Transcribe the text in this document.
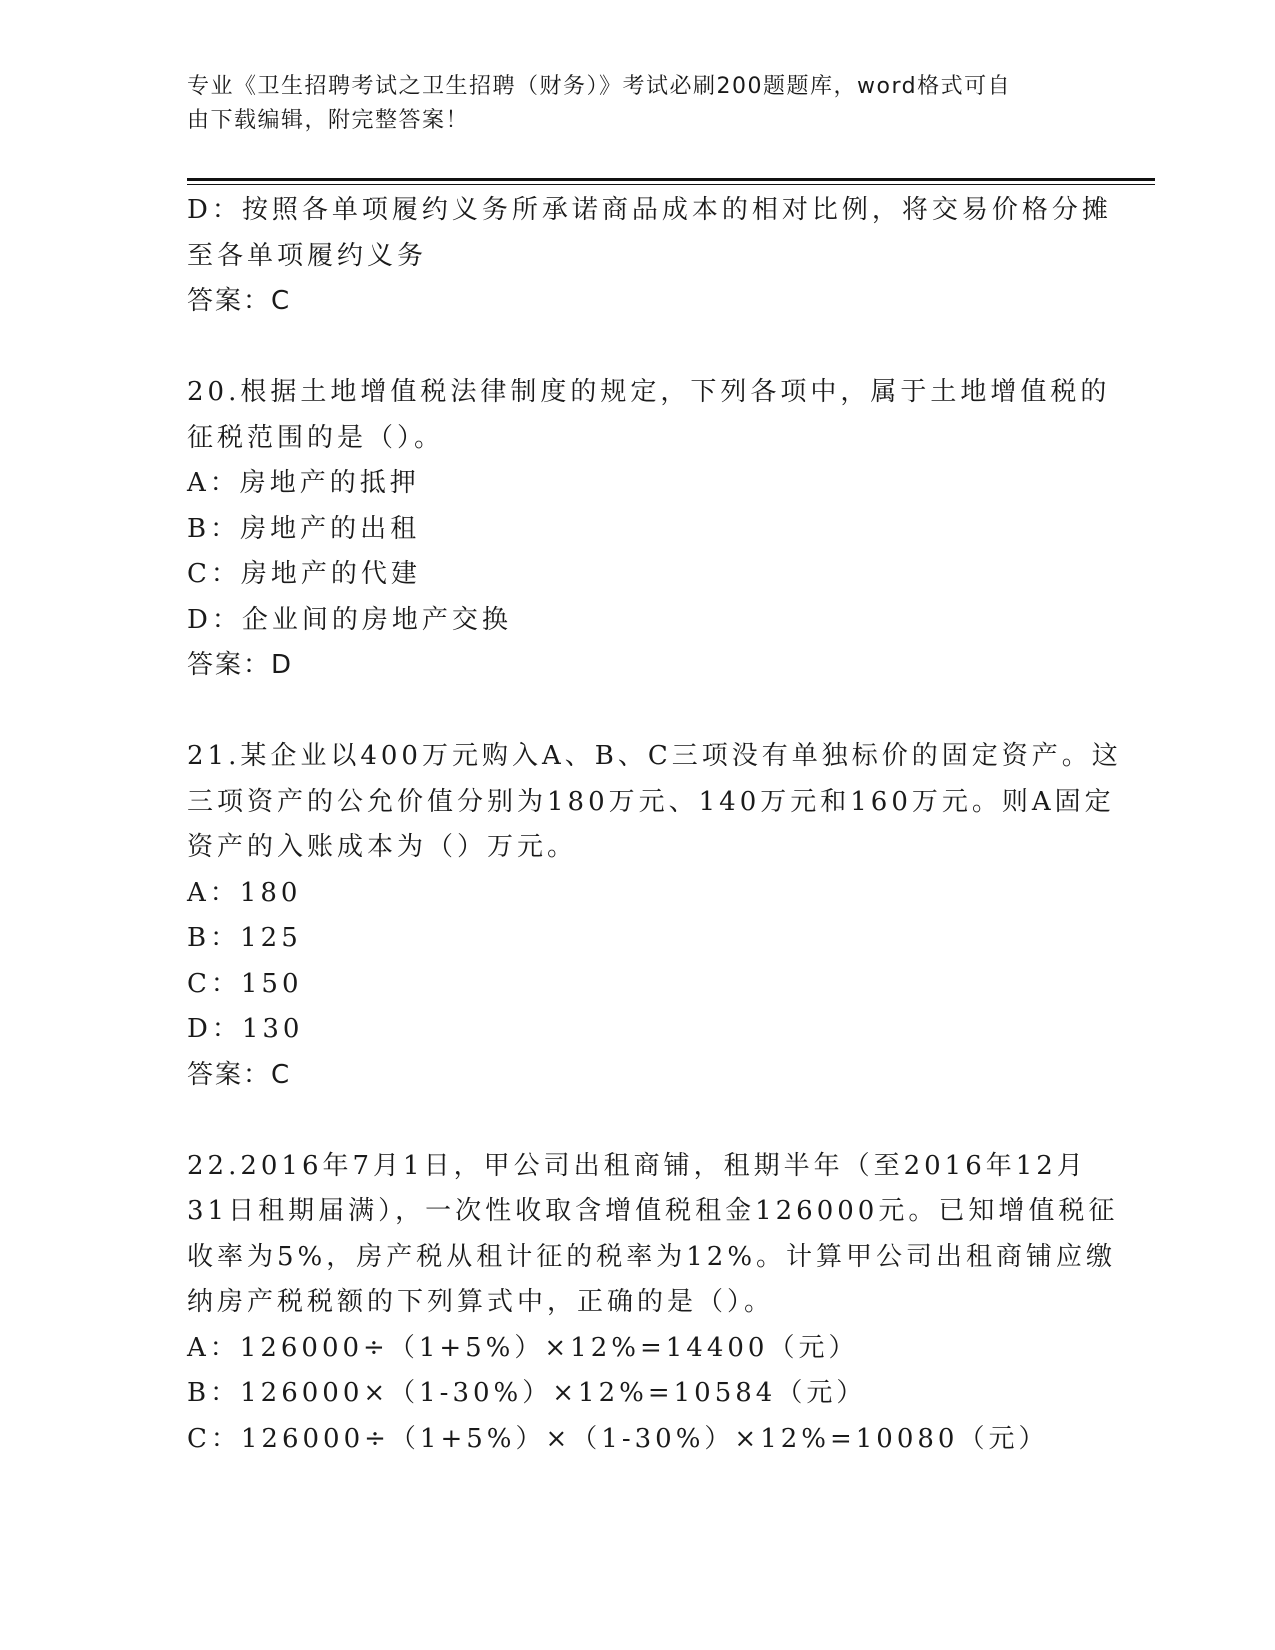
专业《卫生招聘考试之卫生招聘（财务）》考试必刷200题题库，word格式可自
由下载编辑，附完整答案！
D：按照各单项履约义务所承诺商品成本的相对比例，将交易价格分摊
至各单项履约义务
答案：C
20.根据土地增值税法律制度的规定，下列各项中，属于土地增值税的
征税范围的是（）。
A：房地产的抵押
B：房地产的出租
C：房地产的代建
D：企业间的房地产交换
答案：D
21.某企业以400万元购入A、B、C三项没有单独标价的固定资产。这
三项资产的公允价值分别为180万元、140万元和160万元。则A固定
资产的入账成本为（）万元。
A：180
B：125
C：150
D：130
答案：C
22.2016年7月1日，甲公司出租商铺，租期半年（至2016年12月
31日租期届满），一次性收取含增值税租金126000元。已知增值税征
收率为5%，房产税从租计征的税率为12%。计算甲公司出租商铺应缴
纳房产税税额的下列算式中，正确的是（）。
A：126000÷（1+5%）×12%=14400（元）
B：126000×（1-30%）×12%=10584（元）
C：126000÷（1+5%）×（1-30%）×12%=10080（元）
